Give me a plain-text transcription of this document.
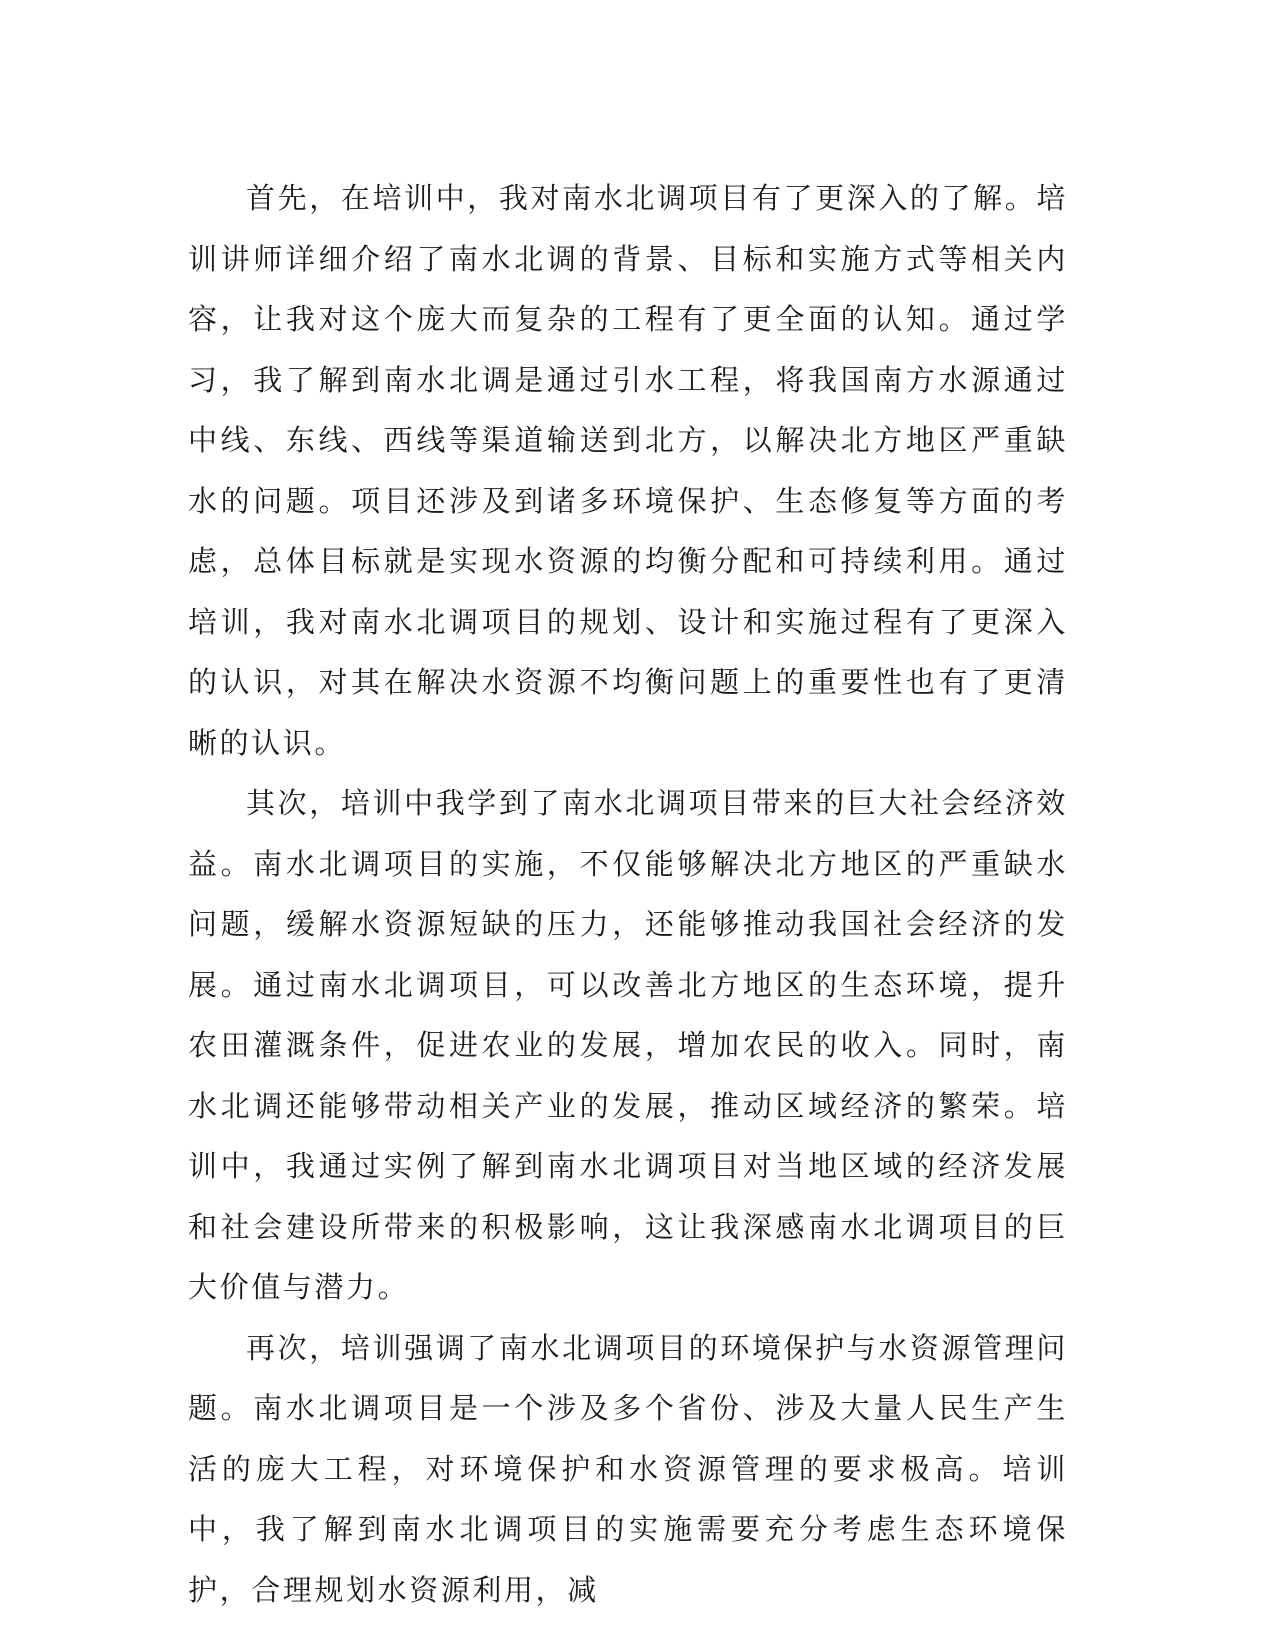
首先，在培训中，我对南水北调项目有了更深入的了解。培训讲师详细介绍了南水北调的背景、目标和实施方式等相关内容，让我对这个庞大而复杂的工程有了更全面的认知。通过学习，我了解到南水北调是通过引水工程，将我国南方水源通过中线、东线、西线等渠道输送到北方，以解决北方地区严重缺水的问题。项目还涉及到诸多环境保护、生态修复等方面的考虑，总体目标就是实现水资源的均衡分配和可持续利用。通过培训，我对南水北调项目的规划、设计和实施过程有了更深入的认识，对其在解决水资源不均衡问题上的重要性也有了更清晰的认识。

其次，培训中我学到了南水北调项目带来的巨大社会经济效益。南水北调项目的实施，不仅能够解决北方地区的严重缺水问题，缓解水资源短缺的压力，还能够推动我国社会经济的发展。通过南水北调项目，可以改善北方地区的生态环境，提升农田灌溉条件，促进农业的发展，增加农民的收入。同时，南水北调还能够带动相关产业的发展，推动区域经济的繁荣。培训中，我通过实例了解到南水北调项目对当地区域的经济发展和社会建设所带来的积极影响，这让我深感南水北调项目的巨大价值与潜力。

再次，培训强调了南水北调项目的环境保护与水资源管理问题。南水北调项目是一个涉及多个省份、涉及大量人民生产生活的庞大工程，对环境保护和水资源管理的要求极高。培训中，我了解到南水北调项目的实施需要充分考虑生态环境保护，合理规划水资源利用，减
